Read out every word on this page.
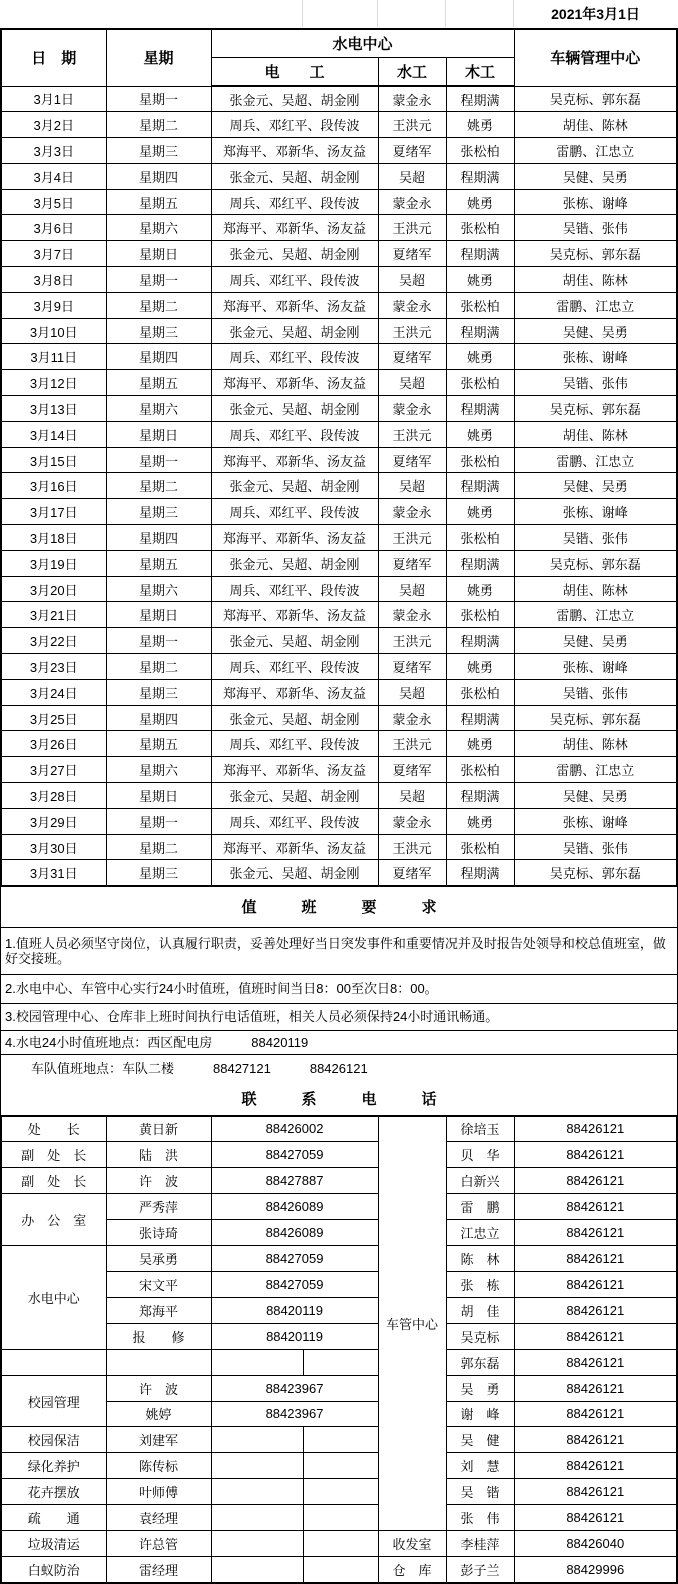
2021年3月1日
日　期	星期	水电中心			车辆管理中心
		电　　工	水工	木工	
3月1日	星期一	张金元、吴超、胡金刚	蒙金永	程期满	吴克标、郭东磊
3月2日	星期二	周兵、邓红平、段传波	王洪元	姚勇	胡佳、陈林
3月3日	星期三	郑海平、邓新华、汤友益	夏绪军	张松柏	雷鹏、江忠立
3月4日	星期四	张金元、吴超、胡金刚	吴超	程期满	吴健、吴勇
3月5日	星期五	周兵、邓红平、段传波	蒙金永	姚勇	张栋、谢峰
3月6日	星期六	郑海平、邓新华、汤友益	王洪元	张松柏	吴锴、张伟
3月7日	星期日	张金元、吴超、胡金刚	夏绪军	程期满	吴克标、郭东磊
3月8日	星期一	周兵、邓红平、段传波	吴超	姚勇	胡佳、陈林
3月9日	星期二	郑海平、邓新华、汤友益	蒙金永	张松柏	雷鹏、江忠立
3月10日	星期三	张金元、吴超、胡金刚	王洪元	程期满	吴健、吴勇
3月11日	星期四	周兵、邓红平、段传波	夏绪军	姚勇	张栋、谢峰
3月12日	星期五	郑海平、邓新华、汤友益	吴超	张松柏	吴锴、张伟
3月13日	星期六	张金元、吴超、胡金刚	蒙金永	程期满	吴克标、郭东磊
3月14日	星期日	周兵、邓红平、段传波	王洪元	姚勇	胡佳、陈林
3月15日	星期一	郑海平、邓新华、汤友益	夏绪军	张松柏	雷鹏、江忠立
3月16日	星期二	张金元、吴超、胡金刚	吴超	程期满	吴健、吴勇
3月17日	星期三	周兵、邓红平、段传波	蒙金永	姚勇	张栋、谢峰
3月18日	星期四	郑海平、邓新华、汤友益	王洪元	张松柏	吴锴、张伟
3月19日	星期五	张金元、吴超、胡金刚	夏绪军	程期满	吴克标、郭东磊
3月20日	星期六	周兵、邓红平、段传波	吴超	姚勇	胡佳、陈林
3月21日	星期日	郑海平、邓新华、汤友益	蒙金永	张松柏	雷鹏、江忠立
3月22日	星期一	张金元、吴超、胡金刚	王洪元	程期满	吴健、吴勇
3月23日	星期二	周兵、邓红平、段传波	夏绪军	姚勇	张栋、谢峰
3月24日	星期三	郑海平、邓新华、汤友益	吴超	张松柏	吴锴、张伟
3月25日	星期四	张金元、吴超、胡金刚	蒙金永	程期满	吴克标、郭东磊
3月26日	星期五	周兵、邓红平、段传波	王洪元	姚勇	胡佳、陈林
3月27日	星期六	郑海平、邓新华、汤友益	夏绪军	张松柏	雷鹏、江忠立
3月28日	星期日	张金元、吴超、胡金刚	吴超	程期满	吴健、吴勇
3月29日	星期一	周兵、邓红平、段传波	蒙金永	姚勇	张栋、谢峰
3月30日	星期二	郑海平、邓新华、汤友益	王洪元	张松柏	吴锴、张伟
3月31日	星期三	张金元、吴超、胡金刚	夏绪军	程期满	吴克标、郭东磊
值　　　班　　　要　　　求
1.值班人员必须坚守岗位，认真履行职责，妥善处理好当日突发事件和重要情况并及时报告处领导和校总值班室，做好交接班。
2.水电中心、车管中心实行24小时值班，值班时间当日8：00至次日8：00。
3.校园管理中心、仓库非上班时间执行电话值班，相关人员必须保持24小时通讯畅通。
4.水电24小时值班地点：西区配电房　　　88420119
　　车队值班地点：车队二楼　　　88427121　　　88426121
联　　　系　　　电　　　话
处　　长	黄日新	88426002		车管中心	徐培玉	88426121
副　处　长	陆　洪	88427059			贝　华	88426121
副　处　长	许　波	88427887			白新兴	88426121
办　公　室	严秀萍	88426089			雷　鹏	88426121
	张诗琦	88426089			江忠立	88426121
水电中心	吴承勇	88427059			陈　林	88426121
	宋文平	88427059			张　栋	88426121
	郑海平	88420119			胡　佳	88426121
	报　　修	88420119			吴克标	88426121
					郭东磊	88426121
校园管理	许　波	88423967			吴　勇	88426121
	姚婷	88423967			谢　峰	88426121
校园保洁	刘建军				吴　健	88426121
绿化养护	陈传标				刘　慧	88426121
花卉摆放	叶师傅				吴　锴	88426121
疏　　通	袁经理				张　伟	88426121
垃圾清运	许总管			收发室	李桂萍	88426040
白蚁防治	雷经理			仓　库	彭子兰	88429996
